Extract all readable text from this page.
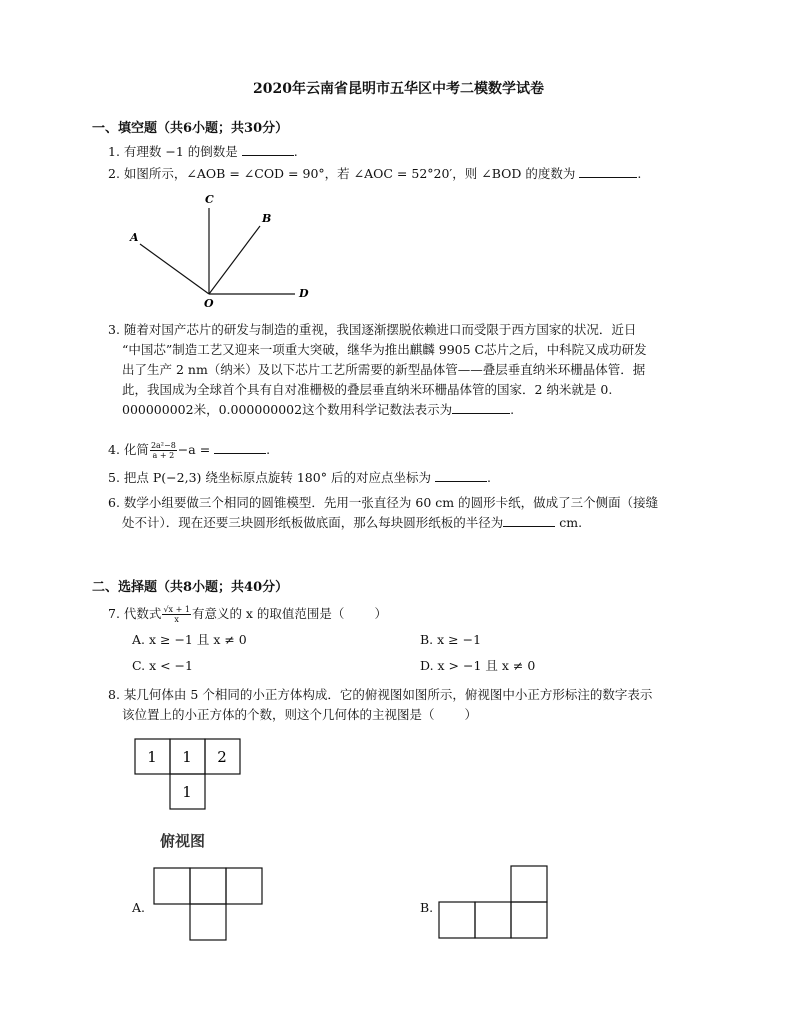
2020年云南省昆明市五华区中考二模数学试卷
一、填空题（共6小题；共30分）
1. 有理数 −1 的倒数是	.
2. 如图所示，∠AOB = ∠COD = 90°，若 ∠AOC = 52°20′，则 ∠BOD 的度数为	.
C
A
B
D
O
3. 随着对国产芯片的研发与制造的重视，我国逐渐摆脱依赖进口而受限于西方国家的状况．近日
“中国芯”制造工艺又迎来一项重大突破，继华为推出麒麟 9905 C芯片之后，中科院又成功研发
出了生产 2 nm（纳米）及以下芯片工艺所需要的新型晶体管——叠层垂直纳米环栅晶体管．据
此，我国成为全球首个具有自对准栅极的叠层垂直纳米环栅晶体管的国家．2 纳米就是 0.
000000002米，0.000000002这个数用科学记数法表示为	.
4. 化简 $\frac{\text{2a²−8}}{a + 2} -a$ =	.
5. 把点 P(−2,3) 绕坐标原点旋转 180° 后的对应点坐标为	.
6. 数学小组要做三个相同的圆锥模型．先用一张直径为 60 cm 的圆形卡纸，做成了三个侧面（接缝
处不计）．现在还要三块圆形纸板做底面，那么每块圆形纸板的半径为	cm.
二、选择题（共8小题；共40分）
7. 代数式 $\frac{√x + 1}{x}$ 有意义的 x 的取值范围是（ ）
A. x ≥ −1 且 x ≠ 0	B. x ≥ −1
C. x < −1	D. x > −1 且 x ≠ 0
8. 某几何体由 5 个相同的小正方体构成．它的俯视图如图所示，俯视图中小正方形标注的数字表示
该位置上的小正方体的个数，则这个几何体的主视图是（ ）
1 1 2
1
俯视图
A.	B.
